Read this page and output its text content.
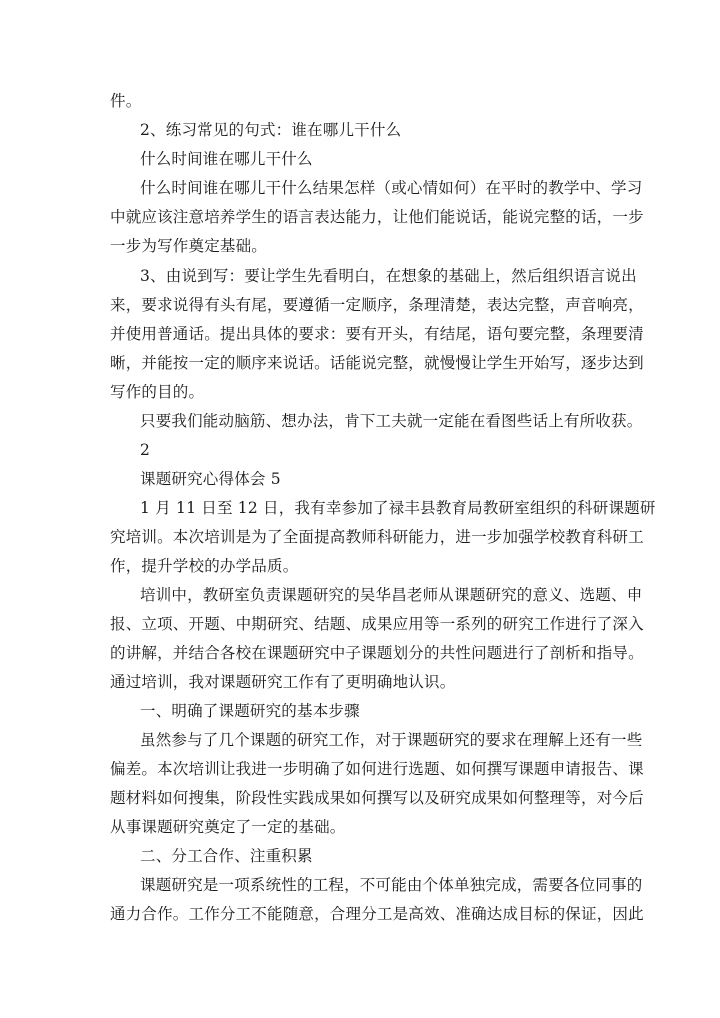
件。
2、练习常见的句式：谁在哪儿干什么
什么时间谁在哪儿干什么
什么时间谁在哪儿干什么结果怎样（或心情如何）在平时的教学中、学习
中就应该注意培养学生的语言表达能力，让他们能说话，能说完整的话，一步
一步为写作奠定基础。
3、由说到写：要让学生先看明白，在想象的基础上，然后组织语言说出
来，要求说得有头有尾，要遵循一定顺序，条理清楚，表达完整，声音响亮，
并使用普通话。提出具体的要求：要有开头，有结尾，语句要完整，条理要清
晰，并能按一定的顺序来说话。话能说完整，就慢慢让学生开始写，逐步达到
写作的目的。
只要我们能动脑筋、想办法，肯下工夫就一定能在看图些话上有所收获。
2
课题研究心得体会 5
1 月 11 日至 12 日，我有幸参加了禄丰县教育局教研室组织的科研课题研
究培训。本次培训是为了全面提高教师科研能力，进一步加强学校教育科研工
作，提升学校的办学品质。
培训中，教研室负责课题研究的吴华昌老师从课题研究的意义、选题、申
报、立项、开题、中期研究、结题、成果应用等一系列的研究工作进行了深入
的讲解，并结合各校在课题研究中子课题划分的共性问题进行了剖析和指导。
通过培训，我对课题研究工作有了更明确地认识。
一、明确了课题研究的基本步骤
虽然参与了几个课题的研究工作，对于课题研究的要求在理解上还有一些
偏差。本次培训让我进一步明确了如何进行选题、如何撰写课题申请报告、课
题材料如何搜集，阶段性实践成果如何撰写以及研究成果如何整理等，对今后
从事课题研究奠定了一定的基础。
二、分工合作、注重积累
课题研究是一项系统性的工程，不可能由个体单独完成，需要各位同事的
通力合作。工作分工不能随意，合理分工是高效、准确达成目标的保证，因此
